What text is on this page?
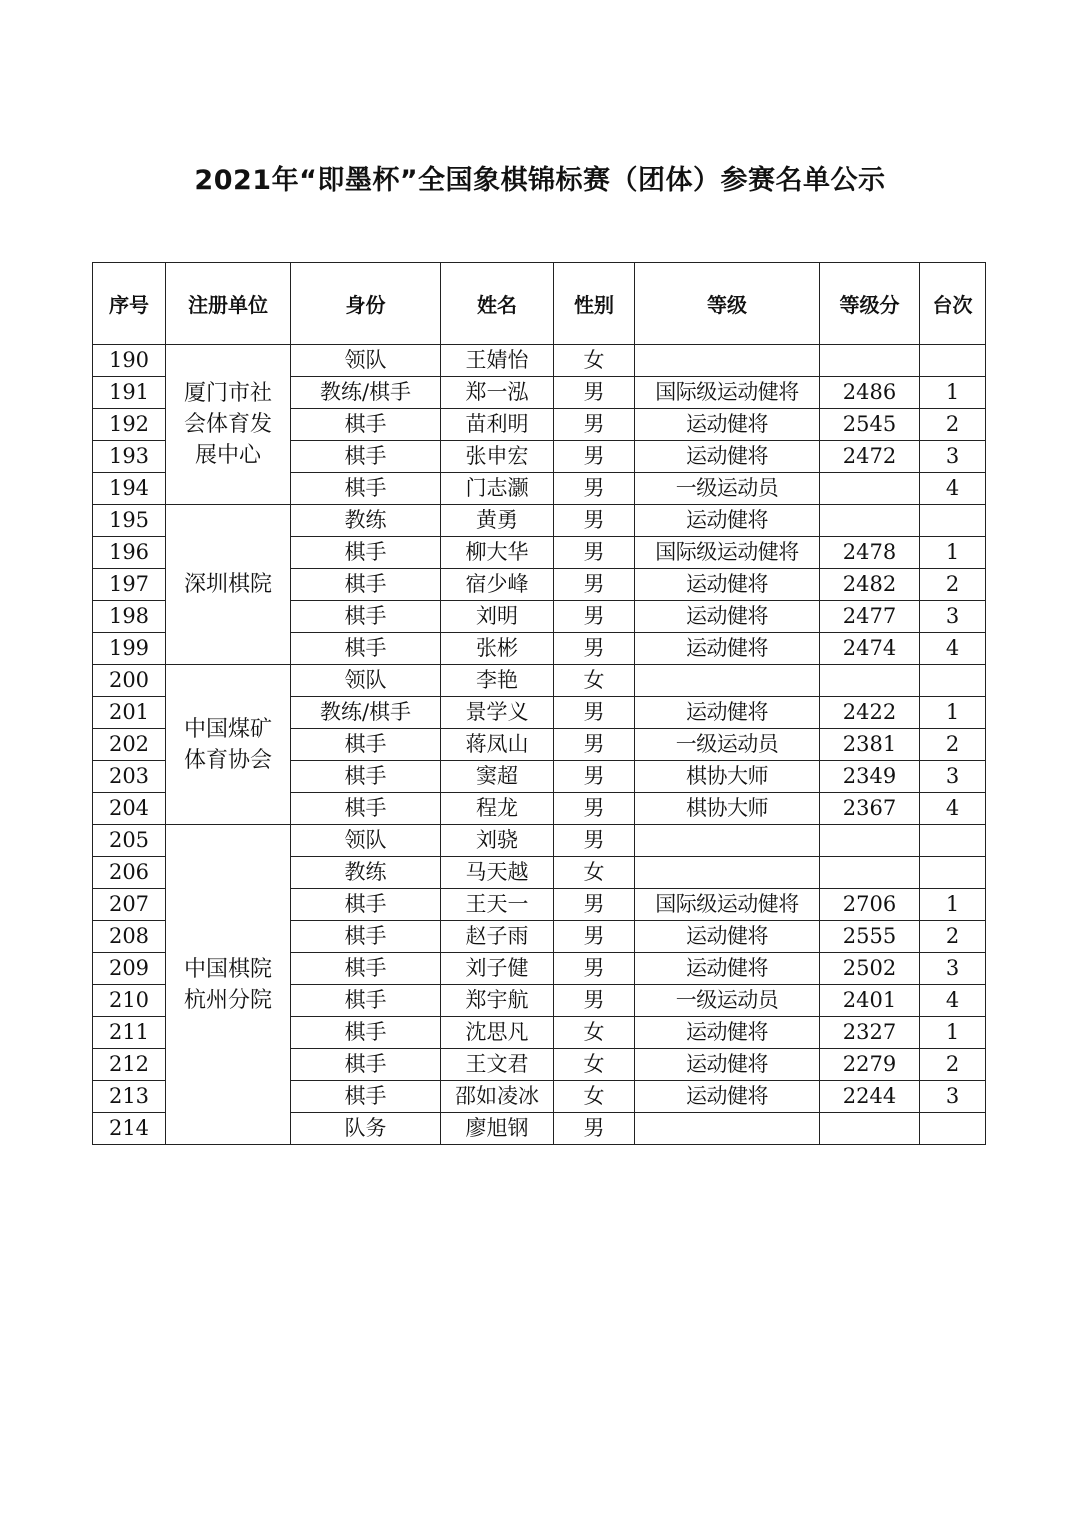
2021年“即墨杯”全国象棋锦标赛（团体）参赛名单公示
序号	注册单位	身份	姓名	性别	等级	等级分	台次
190	厦门市社会体育发展中心	领队	王婧怡	女			
191		教练/棋手	郑一泓	男	国际级运动健将	2486	1
192		棋手	苗利明	男	运动健将	2545	2
193		棋手	张申宏	男	运动健将	2472	3
194		棋手	门志灏	男	一级运动员		4
195	深圳棋院	教练	黄勇	男	运动健将		
196		棋手	柳大华	男	国际级运动健将	2478	1
197		棋手	宿少峰	男	运动健将	2482	2
198		棋手	刘明	男	运动健将	2477	3
199		棋手	张彬	男	运动健将	2474	4
200	中国煤矿体育协会	领队	李艳	女			
201		教练/棋手	景学义	男	运动健将	2422	1
202		棋手	蒋凤山	男	一级运动员	2381	2
203		棋手	窦超	男	棋协大师	2349	3
204		棋手	程龙	男	棋协大师	2367	4
205	中国棋院杭州分院	领队	刘骁	男			
206		教练	马天越	女			
207		棋手	王天一	男	国际级运动健将	2706	1
208		棋手	赵子雨	男	运动健将	2555	2
209		棋手	刘子健	男	运动健将	2502	3
210		棋手	郑宇航	男	一级运动员	2401	4
211		棋手	沈思凡	女	运动健将	2327	1
212		棋手	王文君	女	运动健将	2279	2
213		棋手	邵如凌冰	女	运动健将	2244	3
214		队务	廖旭钢	男			
